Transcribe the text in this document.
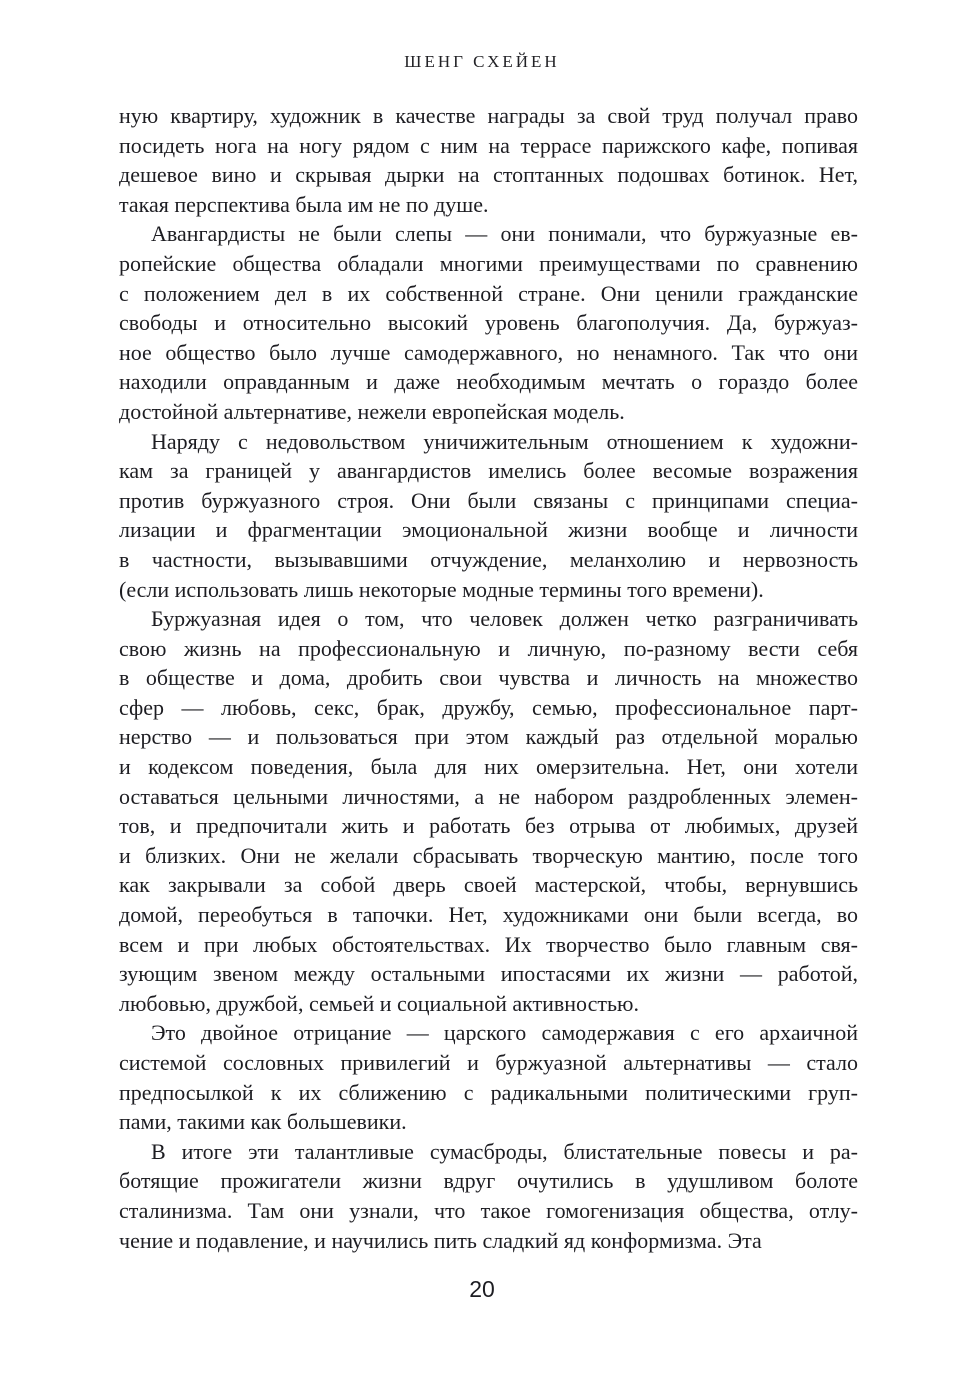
ШЕНГ СХЕЙЕН
ную квартиру, художник в качестве награды за свой труд получал право
посидеть нога на ногу рядом с ним на террасе парижского кафе, попивая
дешевое вино и скрывая дырки на стоптанных подошвах ботинок. Нет,
такая перспектива была им не по душе.
Авангардисты не были слепы — они понимали, что буржуазные ев-
ропейские общества обладали многими преимуществами по сравнению
с положением дел в их собственной стране. Они ценили гражданские
свободы и относительно высокий уровень благополучия. Да, буржуаз-
ное общество было лучше самодержавного, но ненамного. Так что они
находили оправданным и даже необходимым мечтать о гораздо более
достойной альтернативе, нежели европейская модель.
Наряду с недовольством уничижительным отношением к художни-
кам за границей у авангардистов имелись более весомые возражения
против буржуазного строя. Они были связаны с принципами специа-
лизации и фрагментации эмоциональной жизни вообще и личности
в частности, вызывавшими отчуждение, меланхолию и нервозность
(если использовать лишь некоторые модные термины того времени).
Буржуазная идея о том, что человек должен четко разграничивать
свою жизнь на профессиональную и личную, по-разному вести себя
в обществе и дома, дробить свои чувства и личность на множество
сфер — любовь, секс, брак, дружбу, семью, профессиональное парт-
нерство — и пользоваться при этом каждый раз отдельной моралью
и кодексом поведения, была для них омерзительна. Нет, они хотели
оставаться цельными личностями, а не набором раздробленных элемен-
тов, и предпочитали жить и работать без отрыва от любимых, друзей
и близких. Они не желали сбрасывать творческую мантию, после того
как закрывали за собой дверь своей мастерской, чтобы, вернувшись
домой, переобуться в тапочки. Нет, художниками они были всегда, во
всем и при любых обстоятельствах. Их творчество было главным свя-
зующим звеном между остальными ипостасями их жизни — работой,
любовью, дружбой, семьей и социальной активностью.
Это двойное отрицание — царского самодержавия с его архаичной
системой сословных привилегий и буржуазной альтернативы — стало
предпосылкой к их сближению с радикальными политическими груп-
пами, такими как большевики.
В итоге эти талантливые сумасброды, блистательные повесы и ра-
ботящие прожигатели жизни вдруг очутились в удушливом болоте
сталинизма. Там они узнали, что такое гомогенизация общества, отлу-
чение и подавление, и научились пить сладкий яд конформизма. Эта
20
